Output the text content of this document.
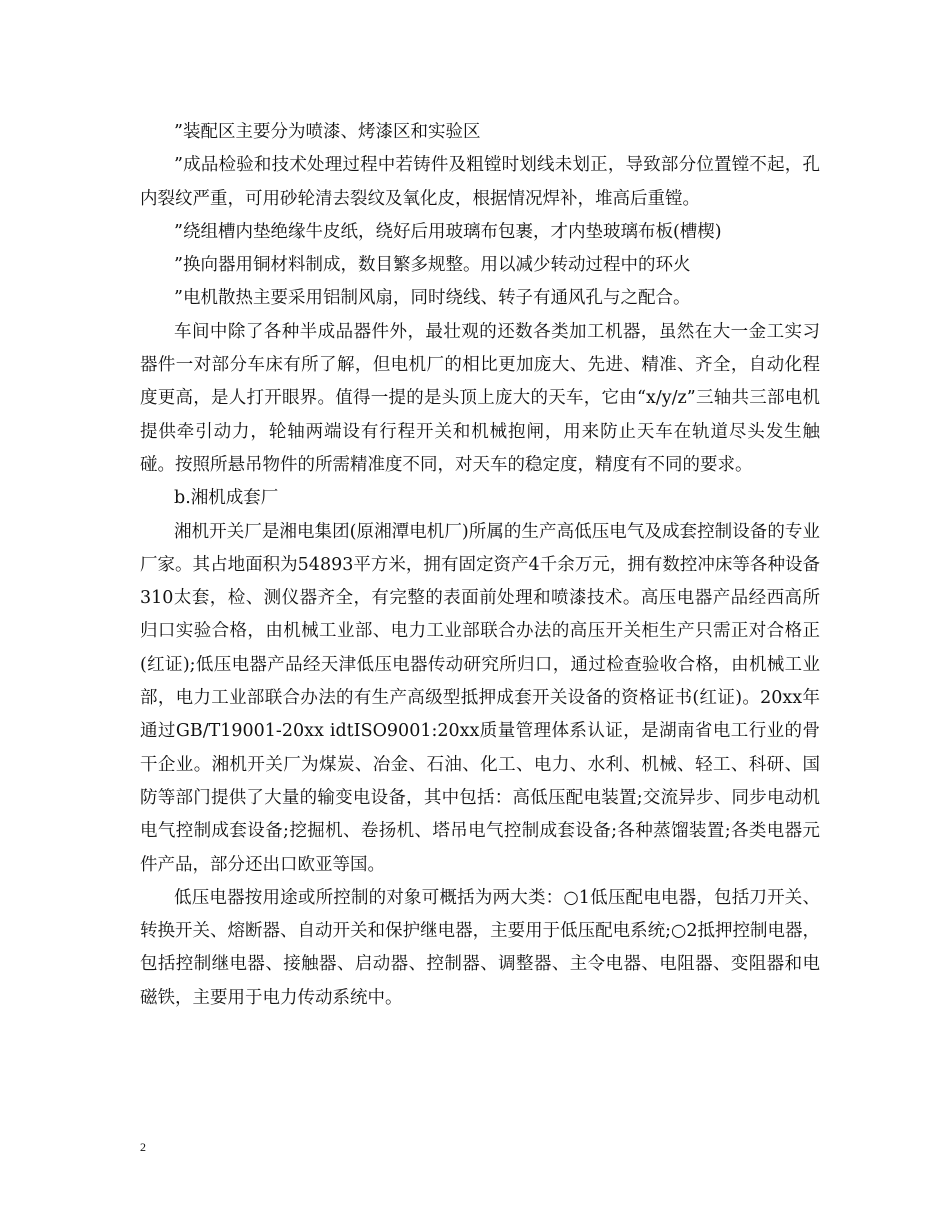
”装配区主要分为喷漆、烤漆区和实验区

”成品检验和技术处理过程中若铸件及粗镗时划线未划正，导致部分位置镗不起，孔内裂纹严重，可用砂轮清去裂纹及氧化皮，根据情况焊补，堆高后重镗。

”绕组槽内垫绝缘牛皮纸，绕好后用玻璃布包裹，才内垫玻璃布板(槽楔)

”换向器用铜材料制成，数目繁多规整。用以减少转动过程中的环火

”电机散热主要采用铝制风扇，同时绕线、转子有通风孔与之配合。

车间中除了各种半成品器件外，最壮观的还数各类加工机器，虽然在大一金工实习器件一对部分车床有所了解，但电机厂的相比更加庞大、先进、精准、齐全，自动化程度更高，是人打开眼界。值得一提的是头顶上庞大的天车，它由“x/y/z”三轴共三部电机提供牵引动力，轮轴两端设有行程开关和机械抱闸，用来防止天车在轨道尽头发生触碰。按照所悬吊物件的所需精准度不同，对天车的稳定度，精度有不同的要求。

b.湘机成套厂

湘机开关厂是湘电集团(原湘潭电机厂)所属的生产高低压电气及成套控制设备的专业厂家。其占地面积为54893平方米，拥有固定资产4千余万元，拥有数控冲床等各种设备310太套，检、测仪器齐全，有完整的表面前处理和喷漆技术。高压电器产品经西高所归口实验合格，由机械工业部、电力工业部联合办法的高压开关柜生产只需正对合格正(红证);低压电器产品经天津低压电器传动研究所归口，通过检查验收合格，由机械工业部，电力工业部联合办法的有生产高级型抵押成套开关设备的资格证书(红证)。20xx年通过GB/T19001-20xx idtISO9001:20xx质量管理体系认证，是湖南省电工行业的骨干企业。湘机开关厂为煤炭、冶金、石油、化工、电力、水利、机械、轻工、科研、国防等部门提供了大量的输变电设备，其中包括：高低压配电装置;交流异步、同步电动机电气控制成套设备;挖掘机、卷扬机、塔吊电气控制成套设备;各种蒸馏装置;各类电器元件产品，部分还出口欧亚等国。

低压电器按用途或所控制的对象可概括为两大类：○1低压配电电器，包括刀开关、转换开关、熔断器、自动开关和保护继电器，主要用于低压配电系统;○2抵押控制电器，包括控制继电器、接触器、启动器、控制器、调整器、主令电器、电阻器、变阻器和电磁铁，主要用于电力传动系统中。

2
